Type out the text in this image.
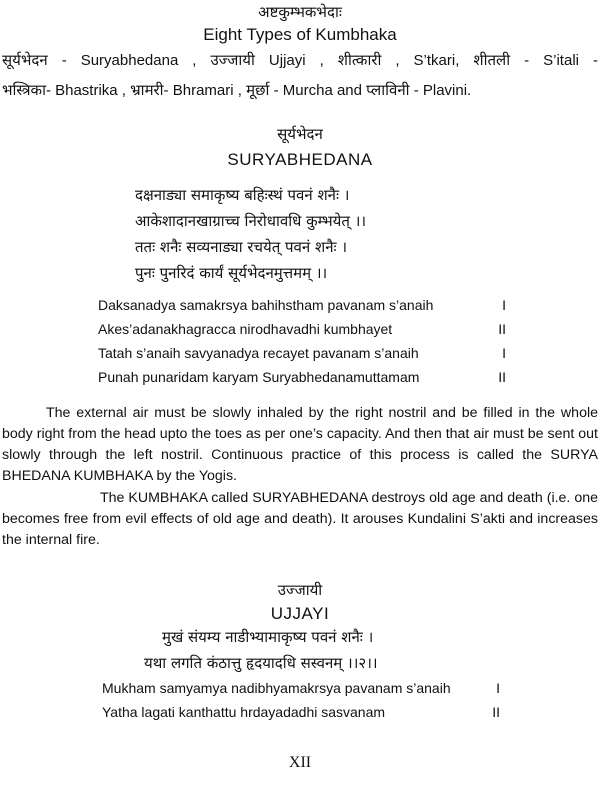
अष्टकुम्भकभेदाः
Eight Types of Kumbhaka
सूर्यभेदन - Suryabhedana , उज्जायी Ujjayi , शीत्कारी , S’tkari, शीतली - S’itali -
भस्त्रिका- Bhastrika , भ्रामरी- Bhramari , मूर्छा - Murcha and प्लाविनी - Plavini.
सूर्यभेदन
SURYABHEDANA
दक्षनाड्या समाकृष्य बहिःस्थं पवनं शनैः ।
आकेशादानखाग्राच्च निरोधावधि कुम्भयेत् ।।
ततः शनैः सव्यनाड्या रचयेत् पवनं शनैः ।
पुनः पुनरिदं कार्यं सूर्यभेदनमुत्तमम् ।।
Daksanadya samakrsya bahihstham pavanam s’anaih	I
Akes’adanakhagracca nirodhavadhi kumbhayet	II
Tatah s’anaih savyanadya recayet pavanam s’anaih	I
Punah punaridam karyam Suryabhedanamuttamam	II
The external air must be slowly inhaled by the right nostril and be filled in the whole body right from the head upto the toes as per one’s capacity. And then that air must be sent out slowly through the left nostril. Continuous practice of this process is called the SURYA BHEDANA KUMBHAKA by the Yogis.
The KUMBHAKA called SURYABHEDANA destroys old age and death (i.e. one becomes free from evil effects of old age and death). It arouses Kundalini S’akti and increases the internal fire.
उज्जायी
UJJAYI
मुखं संयम्य नाडीभ्यामाकृष्य पवनं शनैः ।
यथा लगति कंठात्तु हृदयादधि सस्वनम् ।।२।।
Mukham samyamya nadibhyamakrsya pavanam s’anaih	I
Yatha lagati kanthattu hrdayadadhi sasvanam	II
XII
